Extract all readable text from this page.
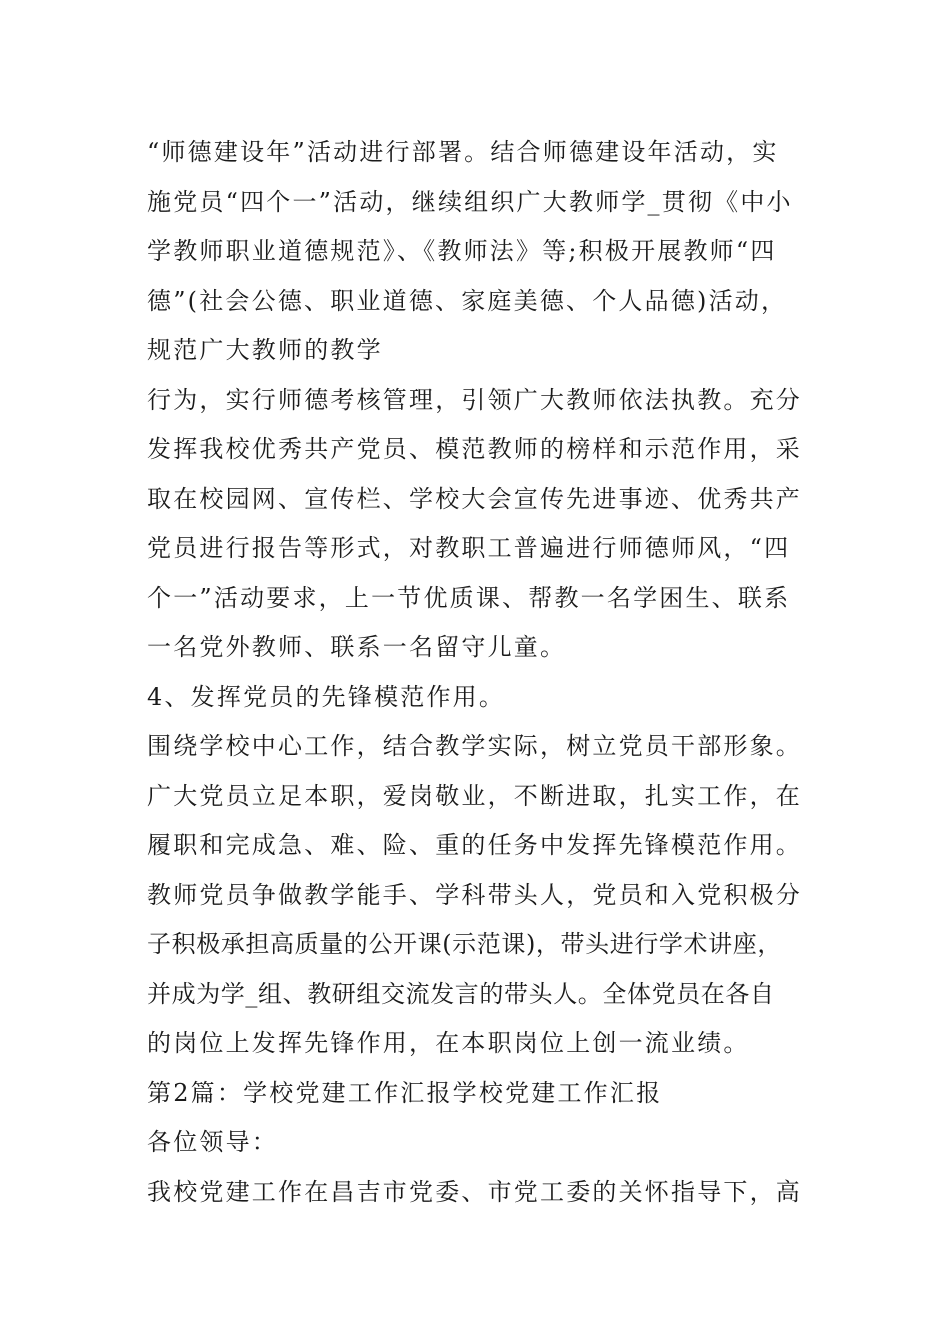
“师德建设年”活动进行部署。结合师德建设年活动，实
施党员“四个一”活动，继续组织广大教师学_贯彻《中小
学教师职业道德规范》、《教师法》等;积极开展教师“四
德”(社会公德、职业道德、家庭美德、个人品德)活动，
规范广大教师的教学
行为，实行师德考核管理，引领广大教师依法执教。充分
发挥我校优秀共产党员、模范教师的榜样和示范作用，采
取在校园网、宣传栏、学校大会宣传先进事迹、优秀共产
党员进行报告等形式，对教职工普遍进行师德师风，“四
个一”活动要求，上一节优质课、帮教一名学困生、联系
一名党外教师、联系一名留守儿童。
4、发挥党员的先锋模范作用。
围绕学校中心工作，结合教学实际，树立党员干部形象。
广大党员立足本职，爱岗敬业，不断进取，扎实工作，在
履职和完成急、难、险、重的任务中发挥先锋模范作用。
教师党员争做教学能手、学科带头人，党员和入党积极分
子积极承担高质量的公开课(示范课)，带头进行学术讲座，
并成为学_组、教研组交流发言的带头人。全体党员在各自
的岗位上发挥先锋作用，在本职岗位上创一流业绩。
第2篇：学校党建工作汇报学校党建工作汇报
各位领导：
我校党建工作在昌吉市党委、市党工委的关怀指导下，高
